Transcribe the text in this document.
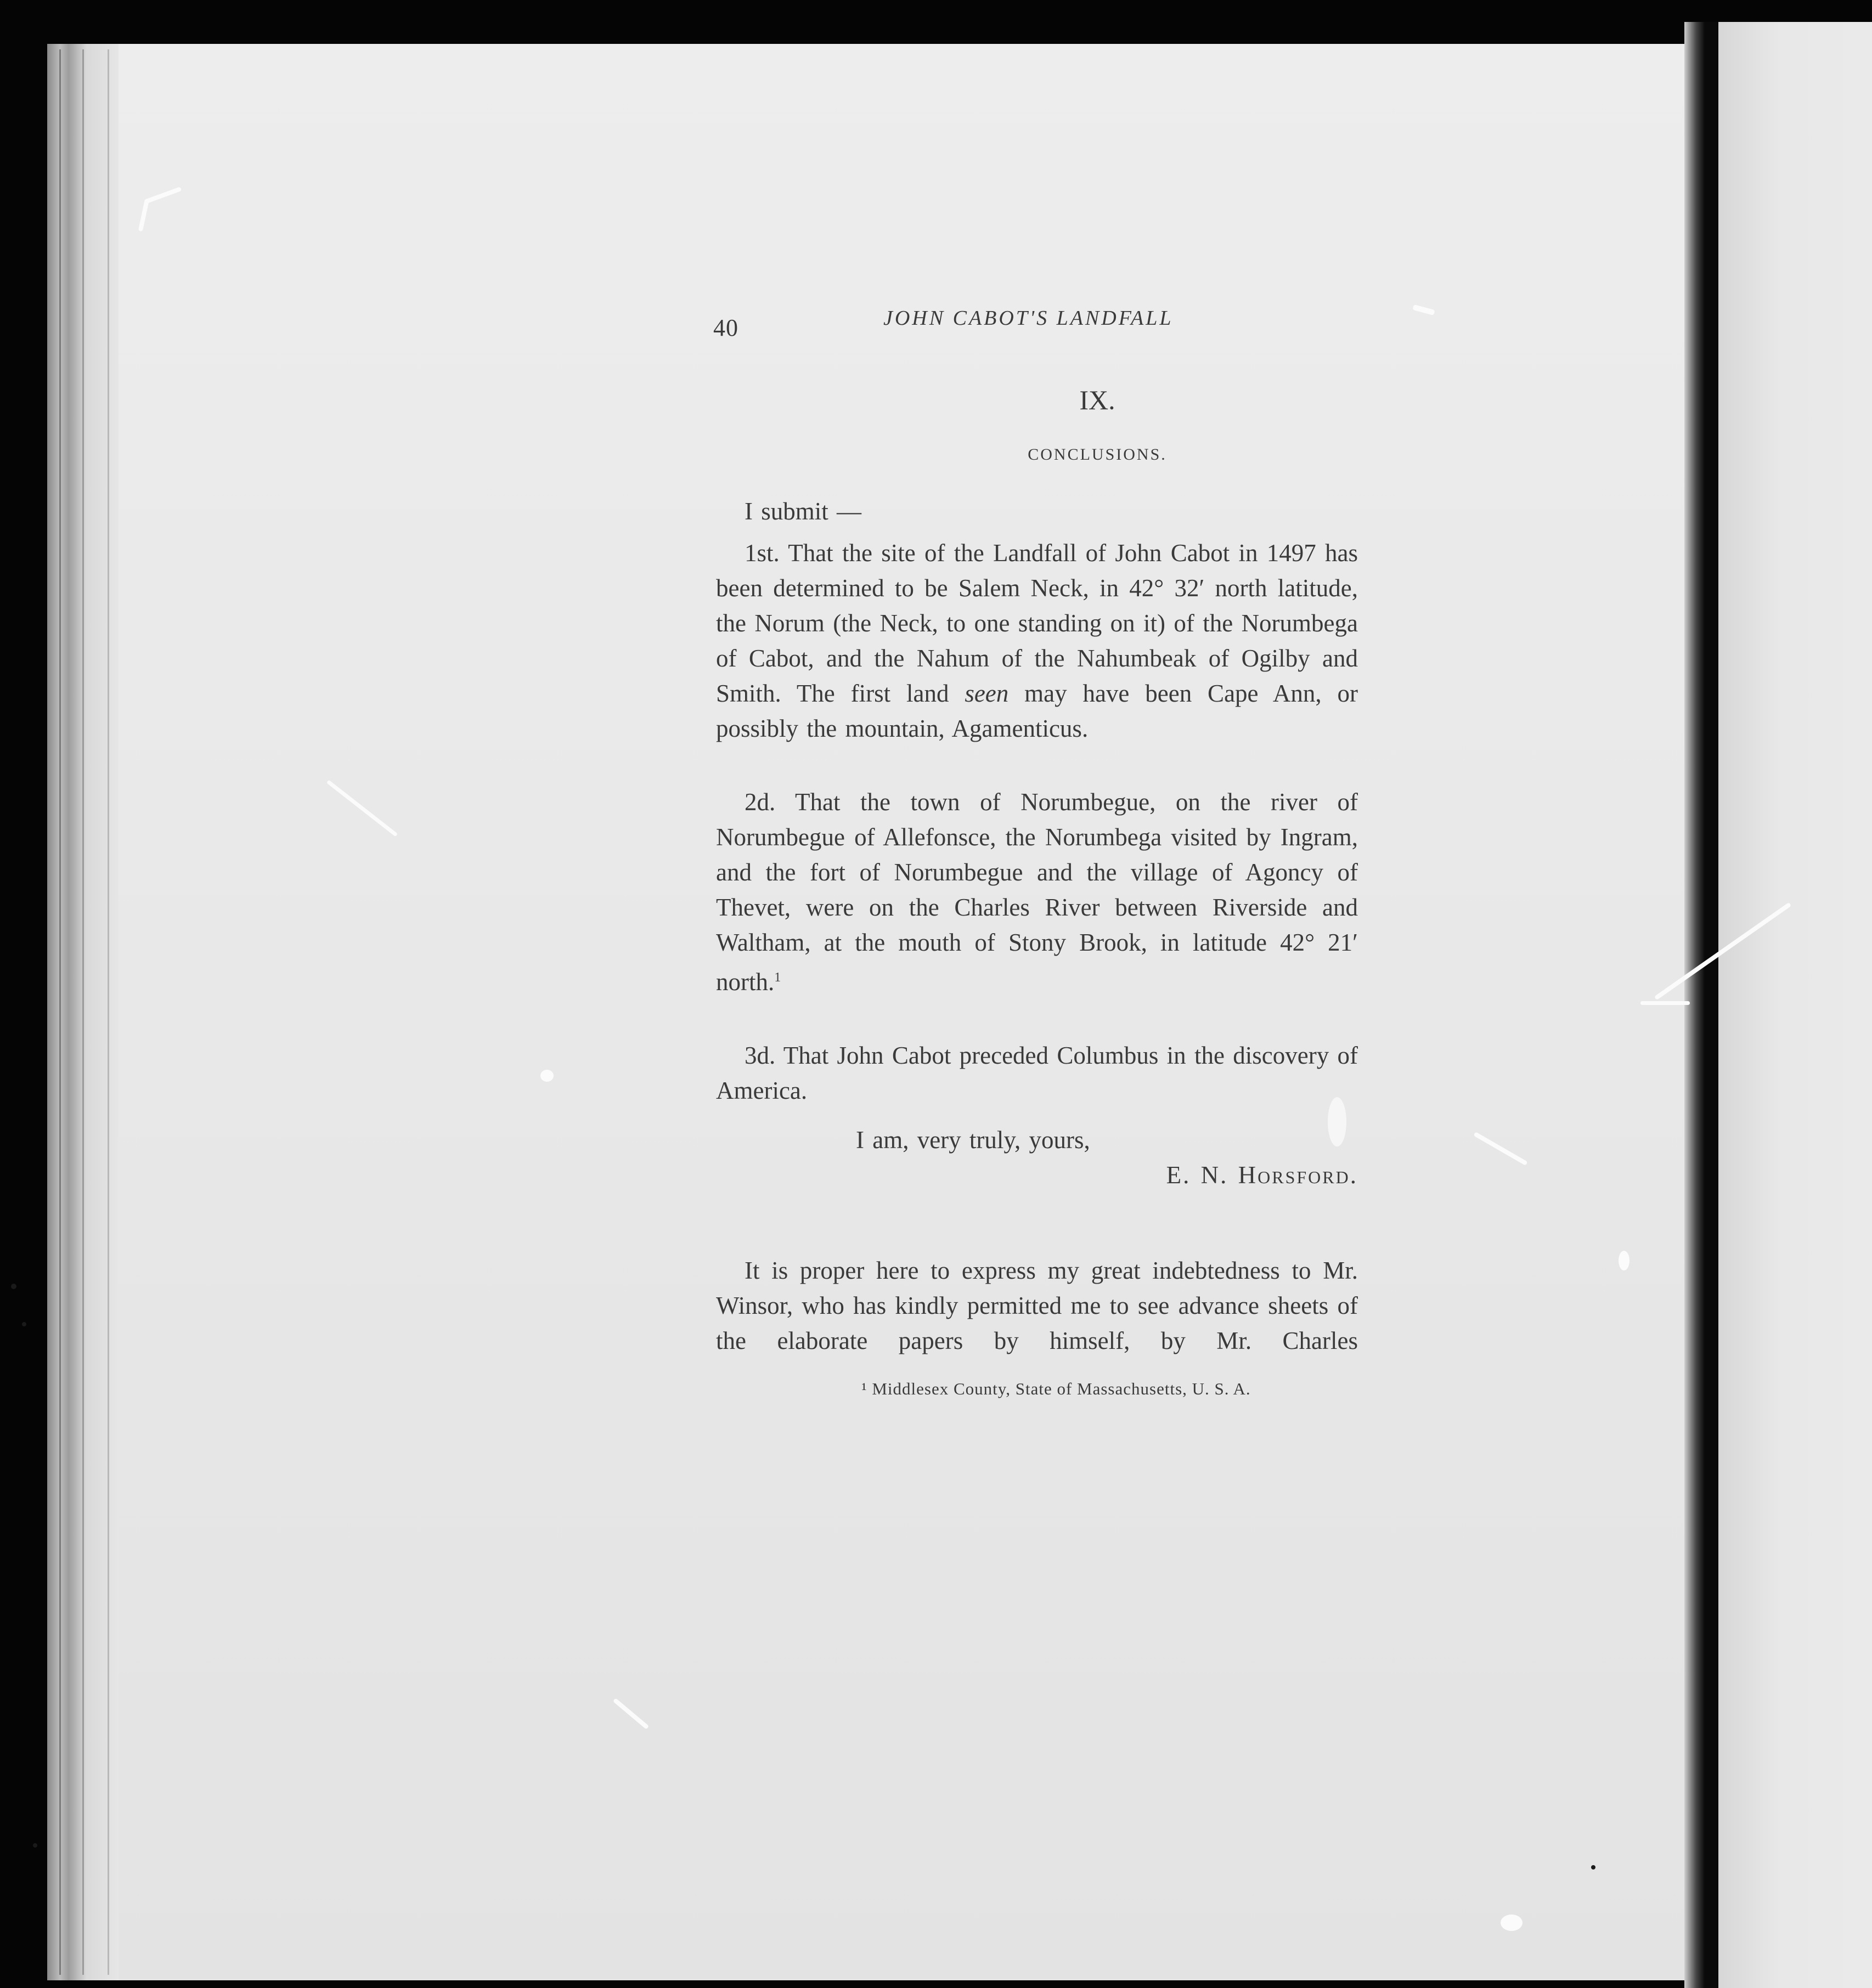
40	JOHN CABOT'S LANDFALL
IX.
CONCLUSIONS.

I submit —

1st. That the site of the Landfall of John Cabot in 1497 has been determined to be Salem Neck, in 42° 32′ north latitude, the Norum (the Neck, to one standing on it) of the Norumbega of Cabot, and the Nahum of the Nahumbeak of Ogilby and Smith. The first land seen may have been Cape Ann, or possibly the mountain, Agamenticus.

2d. That the town of Norumbegue, on the river of Norumbegue of Allefonsce, the Norumbega visited by Ingram, and the fort of Norumbegue and the village of Agoncy of Thevet, were on the Charles River between Riverside and Waltham, at the mouth of Stony Brook, in latitude 42° 21′ north.$^1$

3d. That John Cabot preceded Columbus in the discovery of America.

I am, very truly, yours,

E. N. Horsford.

It is proper here to express my great indebtedness to Mr. Winsor, who has kindly permitted me to see advance sheets of the elaborate papers by himself, by Mr. Charles

¹ Middlesex County, State of Massachusetts, U. S. A.
